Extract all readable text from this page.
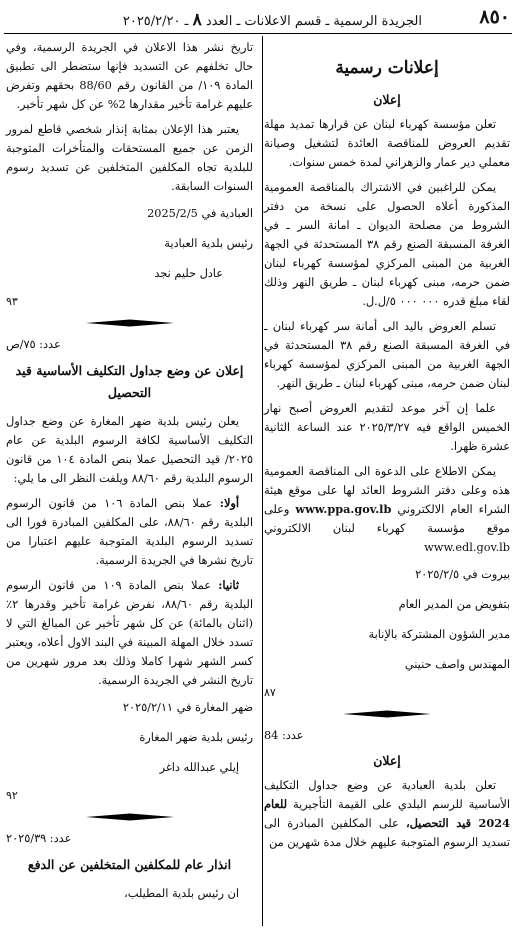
٨٥٠
الجريدة الرسمية ـ قسم الاعلانات ـ العدد ٨ ـ ٢٠٢٥/٢/٢٠
إعلانات رسمية
إعلان

تعلن مؤسسة كهرباء لبنان عن قرارها تمديد مهلة تقديم العروض للمناقصة العائدة لتشغيل وصيانة معملي دير عمار والزهراني لمدة خمس سنوات.

يمكن للراغبين في الاشتراك بالمناقصة العمومية المذكورة أعلاه الحصول على نسخة من دفتر الشروط من مصلحة الديوان ـ امانة السر ـ في الغرفة المسبقة الصنع رقم ٣٨ المستحدثة في الجهة الغربية من المبنى المركزي لمؤسسة كهرباء لبنان ضمن حرمه، مبنى كهرباء لبنان ـ طريق النهر وذلك لقاء مبلغ قدره ٠٠٠ ٠٠٠ ٥/ل.ل.

تسلم العروض باليد الى أمانة سر كهرباء لبنان ـ في الغرفة المسبقة الصنع رقم ٣٨ المستحدثة في الجهة الغربية من المبنى المركزي لمؤسسة كهرباء لبنان ضمن حرمه، مبنى كهرباء لبنان ـ طريق النهر.

علما إن آخر موعد لتقديم العروض أصبح نهار الخميس الواقع فيه ٢٠٢٥/٣/٢٧ عند الساعة الثانية عشرة ظهرا.

يمكن الاطلاع على الدعوة الى المناقصة العمومية هذه وعلى دفتر الشروط العائد لها على موقع هيئة الشراء العام الالكتروني www.ppa.gov.lb وعلى موقع مؤسسة كهرباء لبنان الالكتروني www.edl.gov.lb

بيروت في ٢٠٢٥/٢/٥

بتفويض من المدير العام

مدير الشؤون المشتركة بالإنابة

المهندس واصف حنيني

٨٧

عدد: 84

إعلان

تعلن بلدية العبادية عن وضع جداول التكليف الأساسية للرسم البلدي على القيمة التأجيرية للعام 2024 قيد التحصيل، على المكلفين المبادرة الى تسديد الرسوم المتوجبة عليهم خلال مدة شهرين من

تاريخ نشر هذا الاعلان في الجريدة الرسمية، وفي حال تخلفهم عن التسديد فإنها ستضطر الى تطبيق المادة ١٠٩/ من القانون رقم 88/60 بحقهم وتفرض عليهم غرامة تأخير مقدارها 2% عن كل شهر تأخير.

يعتبر هذا الإعلان بمثابة إنذار شخصي قاطع لمرور الزمن عن جميع المستحقات والمتأخرات المتوجبة للبلدية تجاه المكلفين المتخلفين عن تسديد رسوم السنوات السابقة.

العبادية في 2025/2/5

رئيس بلدية العبادية

عادل حليم نجد

٩٣

عدد: ٧٥/ص

إعلان عن وضع جداول التكليف الأساسية قيد التحصيل

يعلن رئيس بلدية ضهر المغارة عن وضع جداول التكليف الأساسية لكافة الرسوم البلدية عن عام ٢٠٢٥/ قيد التحصيل عملا بنص المادة ١٠٤ من قانون الرسوم البلدية رقم ٨٨/٦٠ ويلفت النظر الى ما يلي:

أولا: عملا بنص المادة ١٠٦ من قانون الرسوم البلدية رقم ٨٨/٦٠، على المكلفين المبادرة فورا الى تسديد الرسوم البلدية المتوجبة عليهم اعتبارا من تاريخ نشرها في الجريدة الرسمية.

ثانيا: عملا بنص المادة ١٠٩ من قانون الرسوم البلدية رقم ٨٨/٦٠، نفرض غرامة تأخير وقدرها ٢٪ (اثنان بالمائة) عن كل شهر تأخير عن المبالغ التي لا تسدد خلال المهلة المبينة في البند الاول أعلاه، ويعتبر كسر الشهر شهرا كاملا وذلك بعد مرور شهرين من تاريخ النشر في الجريدة الرسمية.

ضهر المغارة في ٢٠٢٥/٢/١١

رئيس بلدية ضهر المغارة

إيلي عبدالله داغر

٩٢

عدد: ٢٠٢٥/٣٩

انذار عام للمكلفين المتخلفين عن الدفع

ان رئيس بلدية المطيلب،
